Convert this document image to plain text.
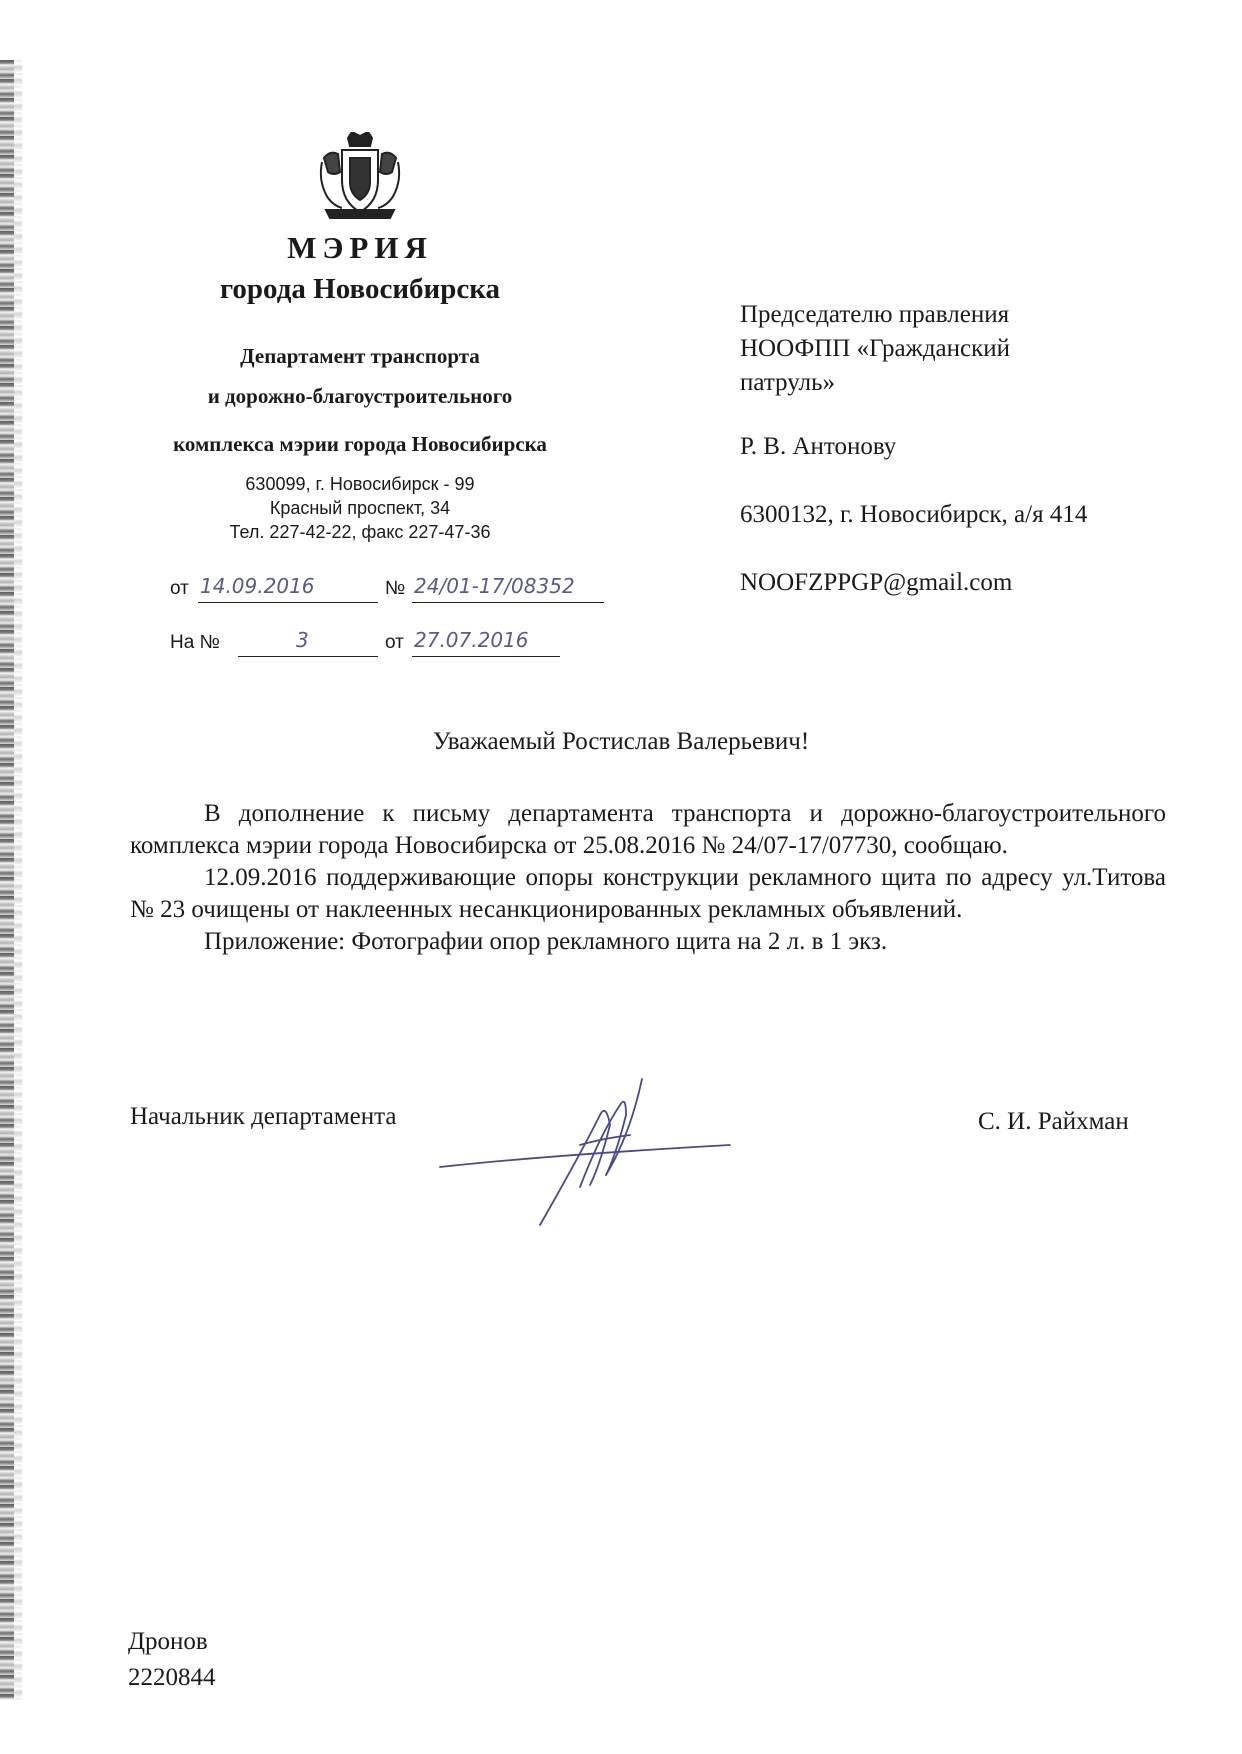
МЭРИЯ
города Новосибирска
Департамент транспорта
и дорожно-благоустроительного
комплекса мэрии города Новосибирска
630099, г. Новосибирск - 99
Красный проспект, 34
Тел. 227-42-22, факс 227-47-36
от 14.09.2016	№ 24/01-17/08352
На №	3	от 27.07.2016
Председателю правления
НООФПП «Гражданский
патруль»
Р. В. Антонову
6300132, г. Новосибирск, а/я 414
NOOFZPPGP@gmail.com
Уважаемый Ростислав Валерьевич!

В дополнение к письму департамента транспорта и дорожно-благоустроительного комплекса мэрии города Новосибирска от 25.08.2016 № 24/07-17/07730, сообщаю.

12.09.2016 поддерживающие опоры конструкции рекламного щита по адресу ул.Титова № 23 очищены от наклеенных несанкционированных рекламных объявлений.

Приложение: Фотографии опор рекламного щита на 2 л. в 1 экз.

Начальник департамента	С. И. Райхман
Дронов
2220844
